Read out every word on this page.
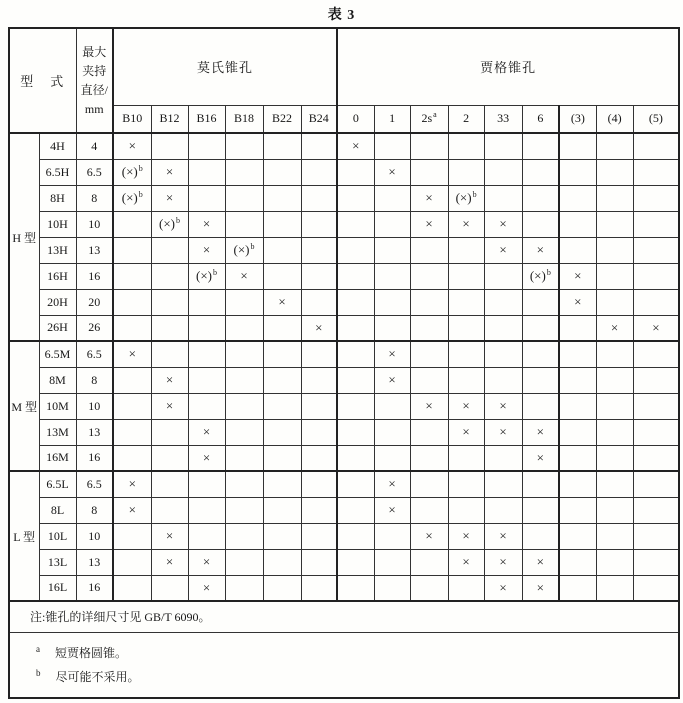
表 3
型　式		最大
夹持
直径/
mm	莫氏锥孔						贾格锥孔								
			B10	B12	B16	B18	B22	B24	0	1	2s$^a$	2	33	6	(3)	(4)	(5)
H 型	4H	4	×						×								
	6.5H	6.5	(×)$^b$	×						×							
	8H	8	(×)$^b$	×							×	(×)$^b$					
	10H	10		(×)$^b$	×						×	×	×				
	13H	13			×	(×)$^b$							×	×			
	16H	16			(×)$^b$	×								(×)$^b$	×		
	20H	20					×								×		
	26H	26						×								×	×
M 型	6.5M	6.5	×							×							
	8M	8		×						×							
	10M	10		×							×	×	×				
	13M	13			×							×	×	×			
	16M	16			×									×			
L 型	6.5L	6.5	×							×							
	8L	8	×							×							
	10L	10		×							×	×	×				
	13L	13		×	×							×	×	×			
	16L	16			×								×	×			
注:锥孔的详细尺寸见 GB/T 6090。																	

$^a$ 短贾格圆锥。
$^b$ 尽可能不采用。																	
